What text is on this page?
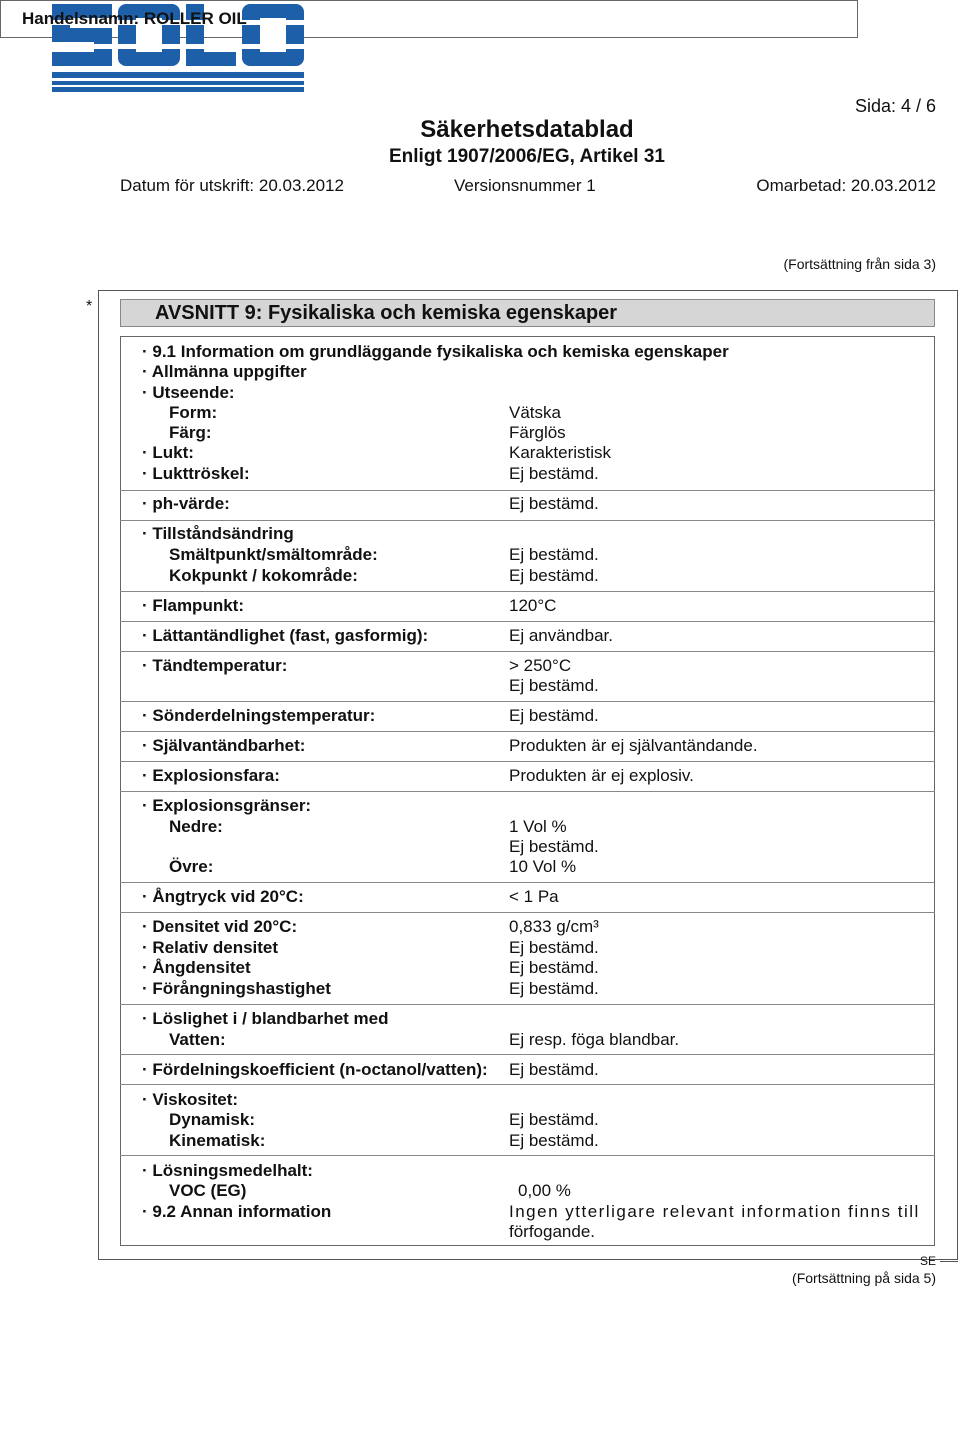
Sida: 4 / 6
Säkerhetsdatablad
Enligt 1907/2006/EG, Artikel 31
Datum för utskrift: 20.03.2012	Versionsnummer 1	Omarbetad: 20.03.2012
Handelsnamn: ROLLER OIL
(Fortsättning från sida 3)
*	AVSNITT 9: Fysikaliska och kemiska egenskaper
· 9.1 Information om grundläggande fysikaliska och kemiska egenskaper
· Allmänna uppgifter
· Utseende:
Form:	Vätska
Färg:	Färglös
· Lukt:	Karakteristisk
· Lukttröskel:	Ej bestämd.
· ph-värde:	Ej bestämd.
· Tillståndsändring
Smältpunkt/smältområde:	Ej bestämd.
Kokpunkt / kokområde:	Ej bestämd.
· Flampunkt:	120°C
· Lättantändlighet (fast, gasformig):	Ej användbar.
· Tändtemperatur:	> 250°C
Ej bestämd.
· Sönderdelningstemperatur:	Ej bestämd.
· Självantändbarhet:	Produkten är ej självantändande.
· Explosionsfara:	Produkten är ej explosiv.
· Explosionsgränser:
Nedre:	1 Vol %
Ej bestämd.
Övre:	10 Vol %
· Ångtryck vid 20°C:	< 1 Pa
· Densitet vid 20°C:	0,833 g/cm³
· Relativ densitet	Ej bestämd.
· Ångdensitet	Ej bestämd.
· Förångningshastighet	Ej bestämd.
· Löslighet i / blandbarhet med
Vatten:	Ej resp. föga blandbar.
· Fördelningskoefficient (n-octanol/vatten): Ej bestämd.
· Viskositet:
Dynamisk:	Ej bestämd.
Kinematisk:	Ej bestämd.
· Lösningsmedelhalt:
VOC (EG)	0,00 %
· 9.2 Annan information	Ingen ytterligare relevant information finns till
förfogande.
SE
(Fortsättning på sida 5)
